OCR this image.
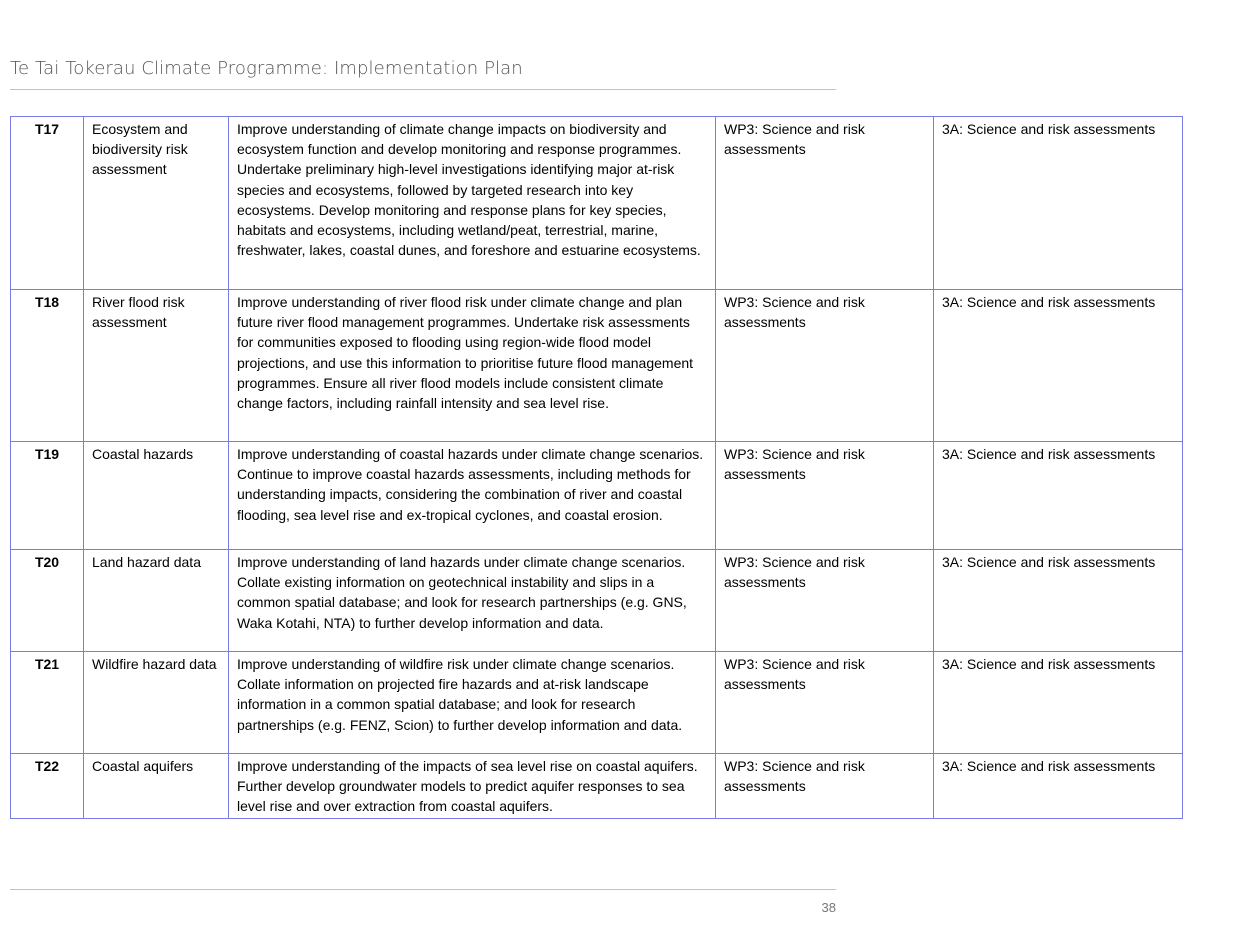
Te Tai Tokerau Climate Programme: Implementation Plan
T17	Ecosystem and biodiversity risk assessment	Improve understanding of climate change impacts on biodiversity and ecosystem function and develop monitoring and response programmes. Undertake preliminary high-level investigations identifying major at-risk species and ecosystems, followed by targeted research into key ecosystems. Develop monitoring and response plans for key species, habitats and ecosystems, including wetland/peat, terrestrial, marine, freshwater, lakes, coastal dunes, and foreshore and estuarine ecosystems.	WP3: Science and risk assessments	3A: Science and risk assessments
T18	River flood risk assessment	Improve understanding of river flood risk under climate change and plan future river flood management programmes. Undertake risk assessments for communities exposed to flooding using region-wide flood model projections, and use this information to prioritise future flood management programmes. Ensure all river flood models include consistent climate change factors, including rainfall intensity and sea level rise.	WP3: Science and risk assessments	3A: Science and risk assessments
T19	Coastal hazards	Improve understanding of coastal hazards under climate change scenarios. Continue to improve coastal hazards assessments, including methods for understanding impacts, considering the combination of river and coastal flooding, sea level rise and ex-tropical cyclones, and coastal erosion.	WP3: Science and risk assessments	3A: Science and risk assessments
T20	Land hazard data	Improve understanding of land hazards under climate change scenarios. Collate existing information on geotechnical instability and slips in a common spatial database; and look for research partnerships (e.g. GNS, Waka Kotahi, NTA) to further develop information and data.	WP3: Science and risk assessments	3A: Science and risk assessments
T21	Wildfire hazard data	Improve understanding of wildfire risk under climate change scenarios. Collate information on projected fire hazards and at-risk landscape information in a common spatial database; and look for research partnerships (e.g. FENZ, Scion) to further develop information and data.	WP3: Science and risk assessments	3A: Science and risk assessments
T22	Coastal aquifers	Improve understanding of the impacts of sea level rise on coastal aquifers. Further develop groundwater models to predict aquifer responses to sea level rise and over extraction from coastal aquifers.	WP3: Science and risk assessments	3A: Science and risk assessments
38
